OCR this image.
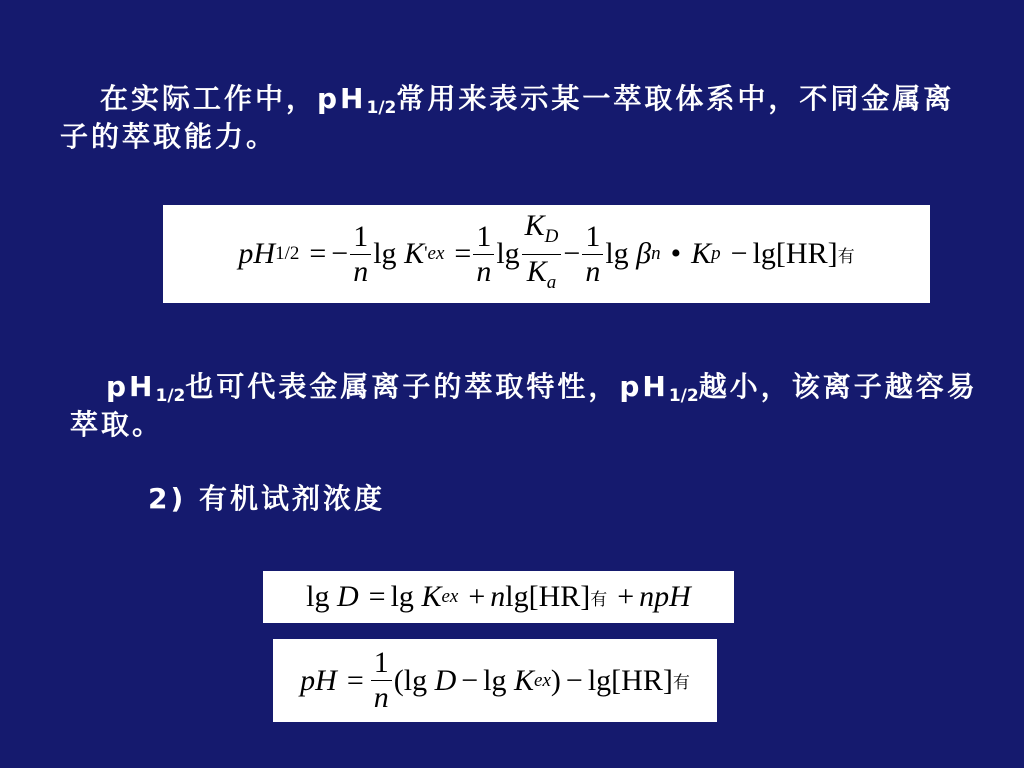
在实际工作中，$pH_{1/2}$常用来表示某一萃取体系中，不同金属离子的萃取能力。
pH 1/2 = − $\frac{1}{n}$ lg
K ' ex = $\frac{1}{n}$ $\lg \frac{K_D}{K_a} - \frac{1}{n}$ lg
β n • K p − lg[HR] 有
$pH_{1/2}$也可代表金属离子的萃取特性，$pH_{1/2}$越小，该离子越容易萃取。
2) 有机试剂浓度
lg
D = lg
K ex + n lg[HR] 有 + npH
pH = $\frac{1}{n} (\lg$
D − lg
K ex ) − lg[HR] 有
